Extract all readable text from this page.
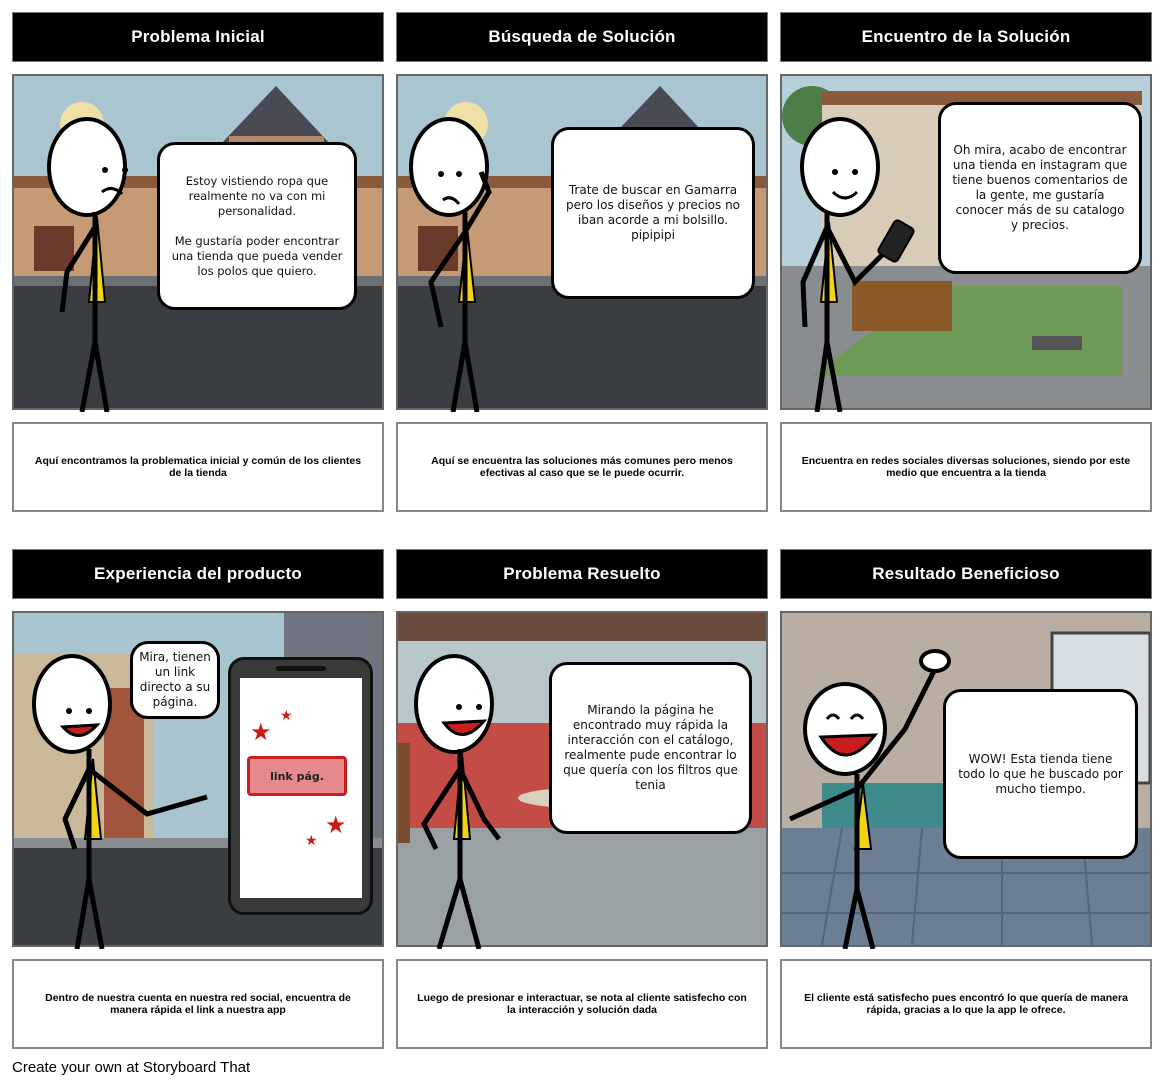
Problema Inicial
Estoy vistiendo ropa que realmente no va con mi personalidad.

Me gustaría poder encontrar una tienda que pueda vender los polos que quiero.
Aquí encontramos la problematica inicial y común de los clientes de la tienda
Búsqueda de Solución
Trate de buscar en Gamarra pero los diseños y precios no iban acorde a mi bolsillo. pipipipi
Aquí se encuentra las soluciones más comunes pero menos efectivas al caso que se le puede ocurrir.
Encuentro de la Solución
Oh mira, acabo de encontrar una tienda en instagram que tiene buenos comentarios de la gente, me gustaría conocer más de su catalogo y precios.
Encuentra en redes sociales diversas soluciones, siendo por este medio que encuentra a la tienda
Experiencia del producto
Mira, tienen un link directo a su página.
★
★
★
★
link pág.
Dentro de nuestra cuenta en nuestra red social, encuentra de manera rápida el link a nuestra app
Problema Resuelto
Mirando la página he encontrado muy rápida la interacción con el catálogo, realmente pude encontrar lo que quería con los filtros que tenia
Luego de presionar e interactuar, se nota al cliente satisfecho con la interacción y solución dada
Resultado Beneficioso
WOW! Esta tienda tiene todo lo que he buscado por mucho tiempo.
El cliente está satisfecho pues encontró lo que quería de manera rápida, gracias a lo que la app le ofrece.
Create your own at Storyboard That
